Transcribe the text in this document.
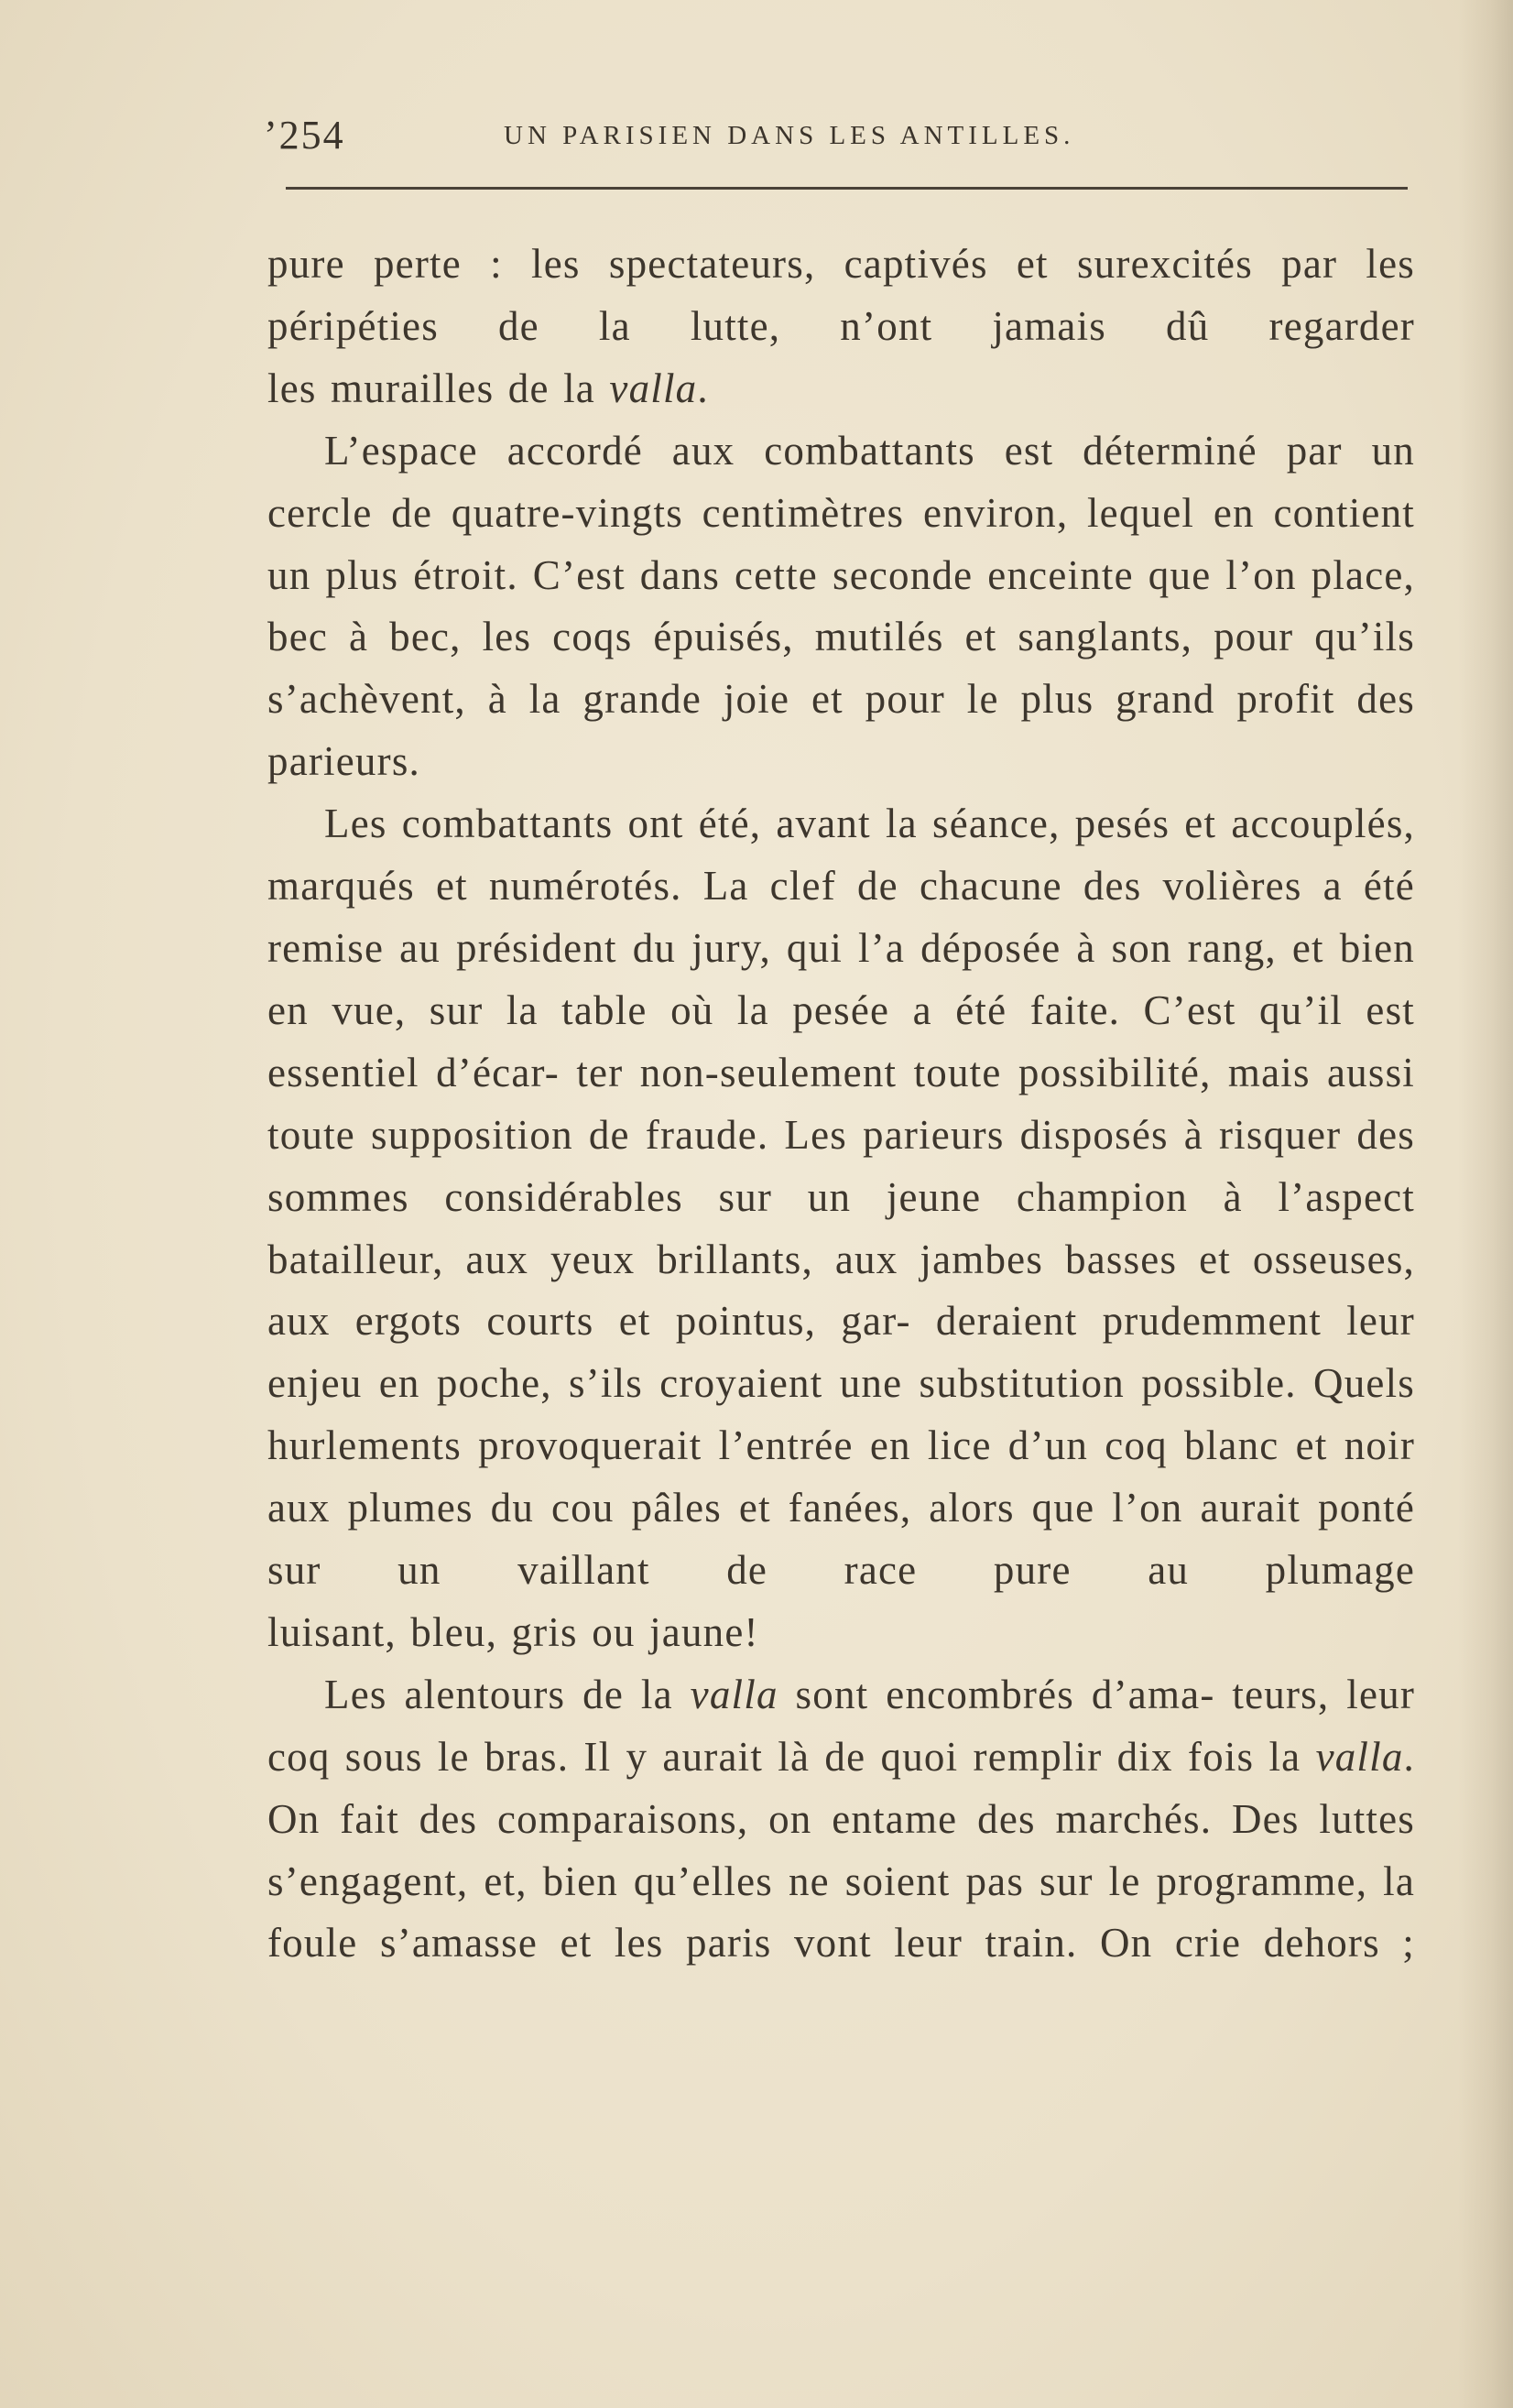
ʼ254	UN PARISIEN DANS LES ANTILLES.

pure perte : les spectateurs, captivés et surexcités par les péripéties de la lutte, n’ont jamais dû regarder

les murailles de la valla.

L’espace accordé aux combattants est déterminé par un cercle de quatre-vingts centimètres environ, lequel en contient un plus étroit. C’est dans cette seconde enceinte que l’on place, bec à bec, les coqs épuisés, mutilés et sanglants, pour qu’ils s’achèvent, à la grande joie et pour le plus grand profit des parieurs.

Les combattants ont été, avant la séance, pesés et accouplés, marqués et numérotés. La clef de chacune des volières a été remise au président du jury, qui l’a déposée à son rang, et bien en vue, sur la table où la pesée a été faite. C’est qu’il est essentiel d’écar- ter non-seulement toute possibilité, mais aussi toute supposition de fraude. Les parieurs disposés à risquer des sommes considérables sur un jeune champion à l’aspect batailleur, aux yeux brillants, aux jambes basses et osseuses, aux ergots courts et pointus, gar- deraient prudemment leur enjeu en poche, s’ils croyaient une substitution possible. Quels hurlements provoquerait l’entrée en lice d’un coq blanc et noir aux plumes du cou pâles et fanées, alors que l’on aurait ponté sur un vaillant de race pure au plumage

luisant, bleu, gris ou jaune!

Les alentours de la valla sont encombrés d’ama- teurs, leur coq sous le bras. Il y aurait là de quoi remplir dix fois la valla. On fait des comparaisons, on entame des marchés. Des luttes s’engagent, et, bien qu’elles ne soient pas sur le programme, la foule s’amasse et les paris vont leur train. On crie dehors ;
